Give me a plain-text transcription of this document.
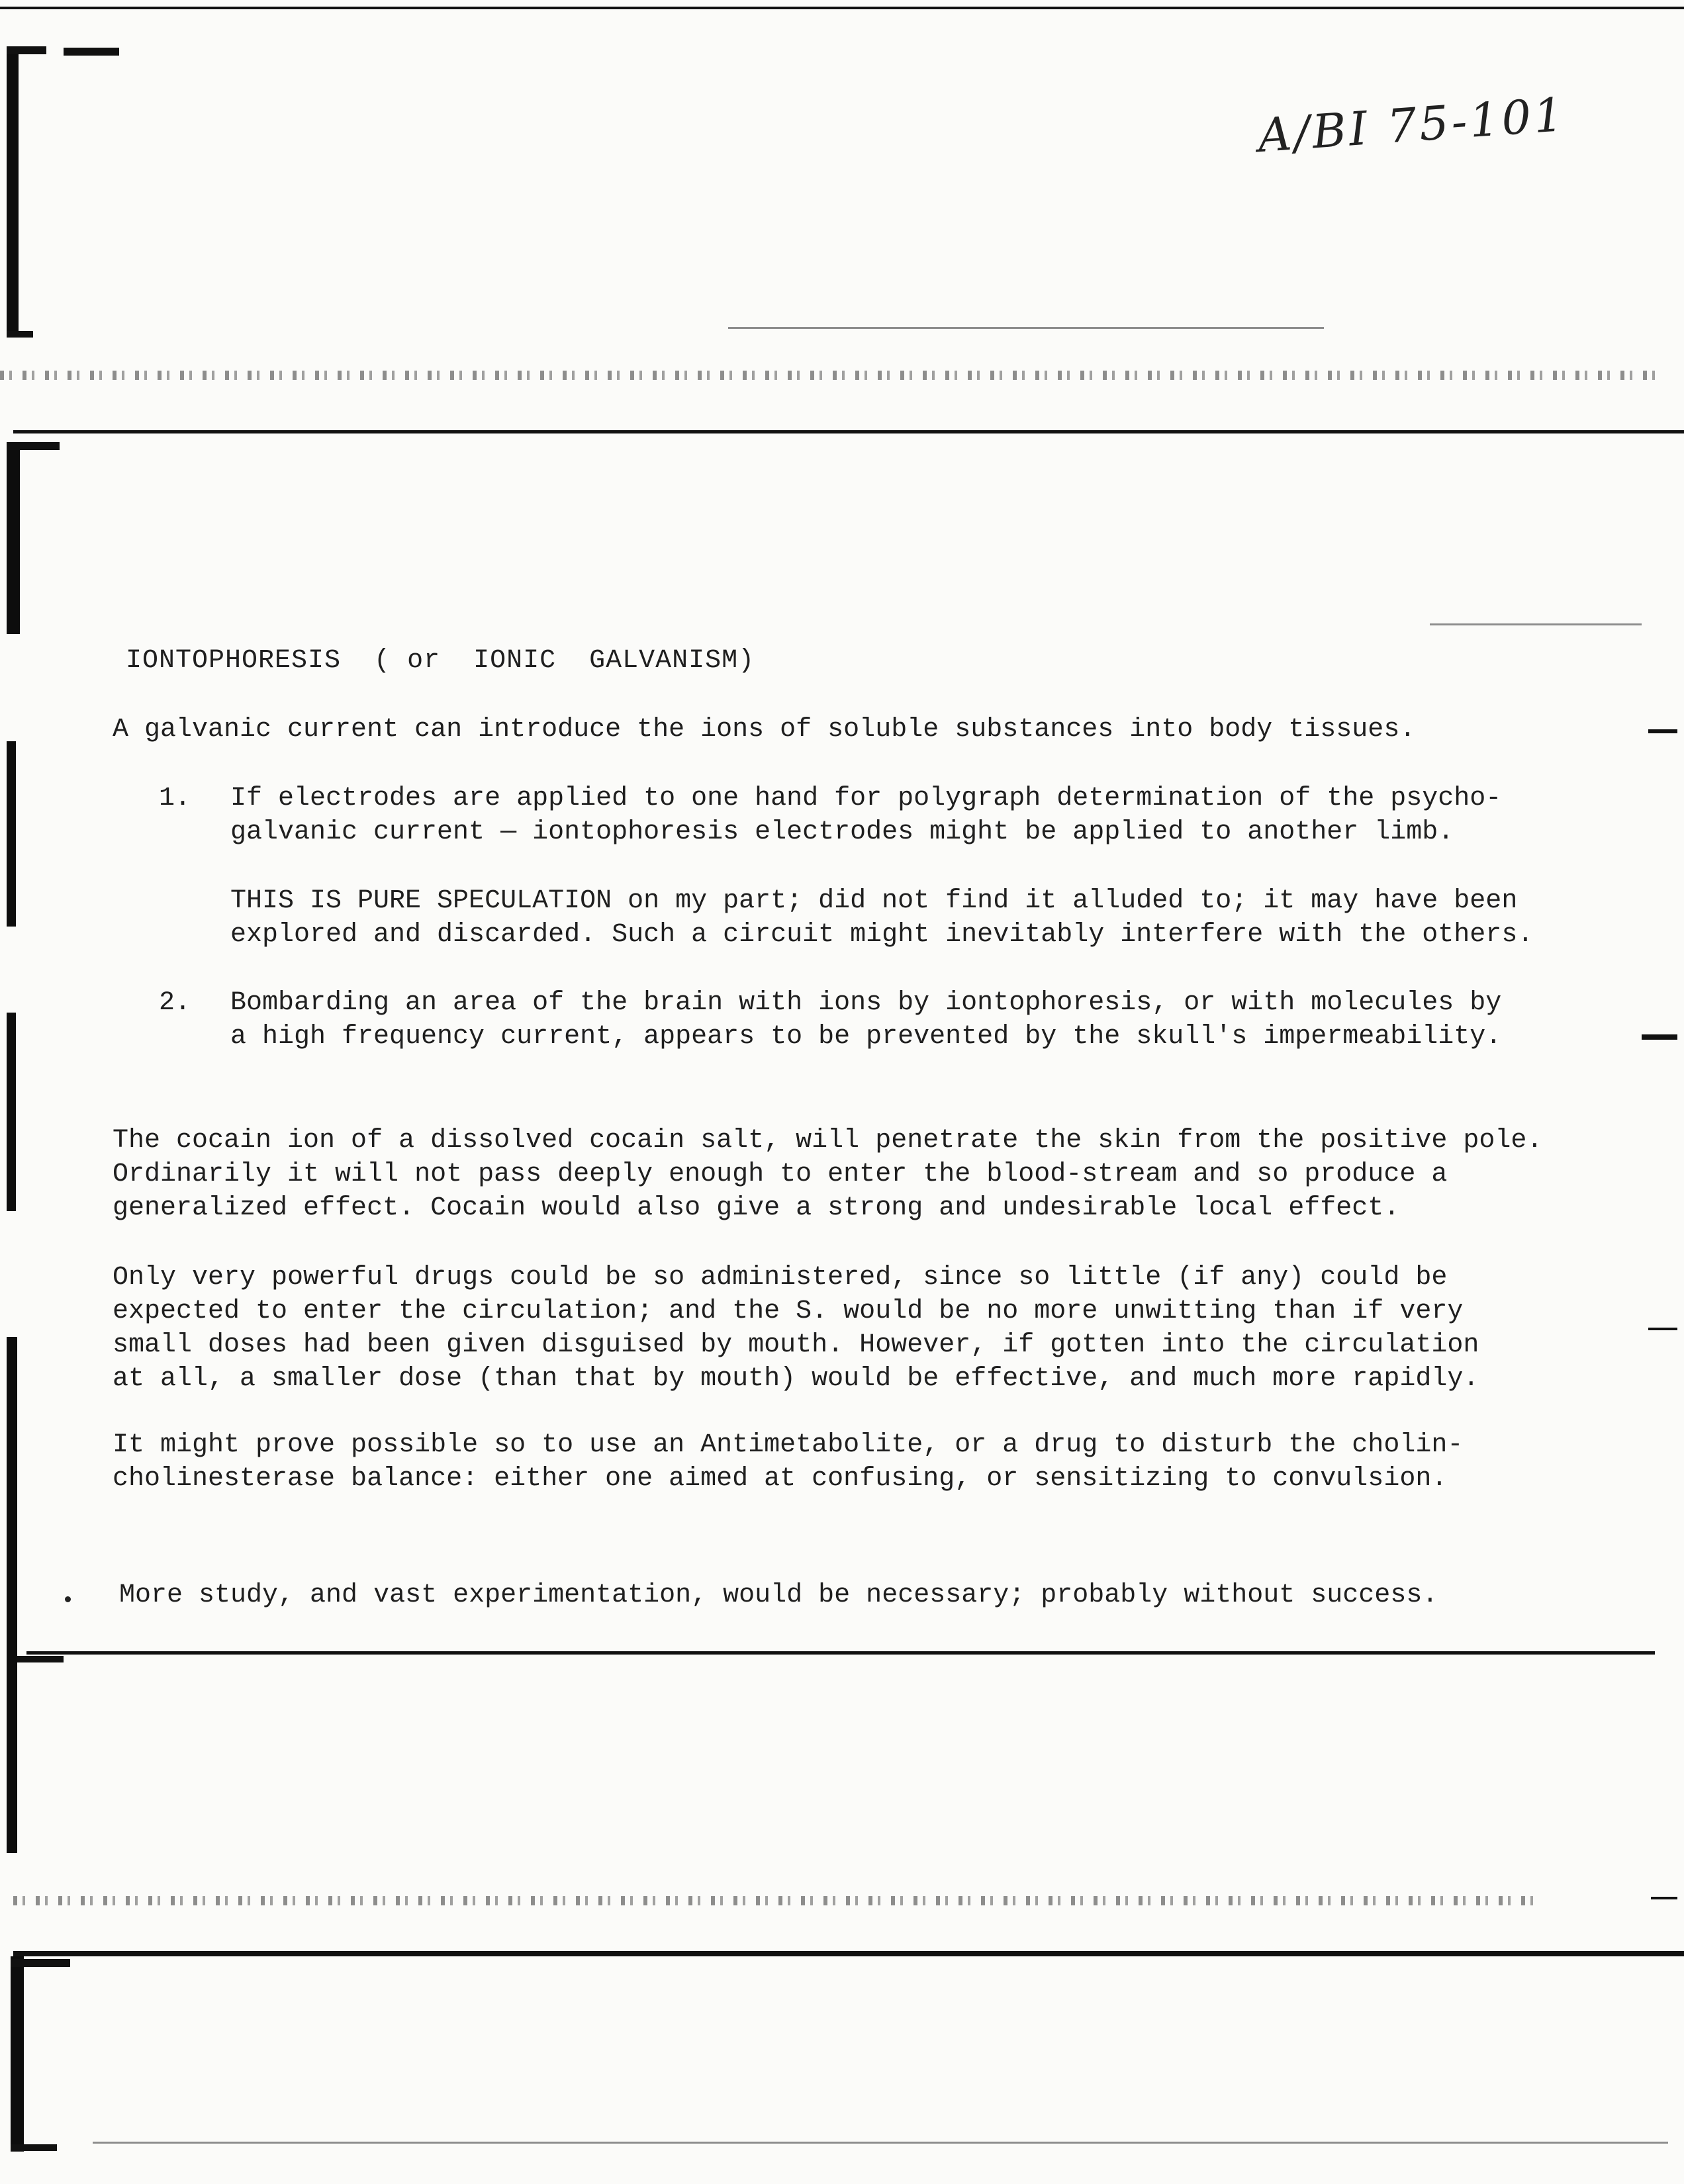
A/BI 75-101
IONTOPHORESIS  ( or  IONIC  GALVANISM)
A galvanic current can introduce the ions of soluble substances into body tissues.
1. If electrodes are applied to one hand for polygraph determination of the psycho-
galvanic current — iontophoresis electrodes might be applied to another limb.
THIS IS PURE SPECULATION on my part; did not find it alluded to; it may have been
explored and discarded. Such a circuit might inevitably interfere with the others.
2. Bombarding an area of the brain with ions by iontophoresis, or with molecules by
a high frequency current, appears to be prevented by the skull's impermeability.
The cocain ion of a dissolved cocain salt, will penetrate the skin from the positive pole.
Ordinarily it will not pass deeply enough to enter the blood-stream and so produce a
generalized effect. Cocain would also give a strong and undesirable local effect.
Only very powerful drugs could be so administered, since so little (if any) could be
expected to enter the circulation; and the S. would be no more unwitting than if very
small doses had been given disguised by mouth. However, if gotten into the circulation
at all, a smaller dose (than that by mouth) would be effective, and much more rapidly.
It might prove possible so to use an Antimetabolite, or a drug to disturb the cholin-
cholinesterase balance: either one aimed at confusing, or sensitizing to convulsion.
More study, and vast experimentation, would be necessary; probably without success.
